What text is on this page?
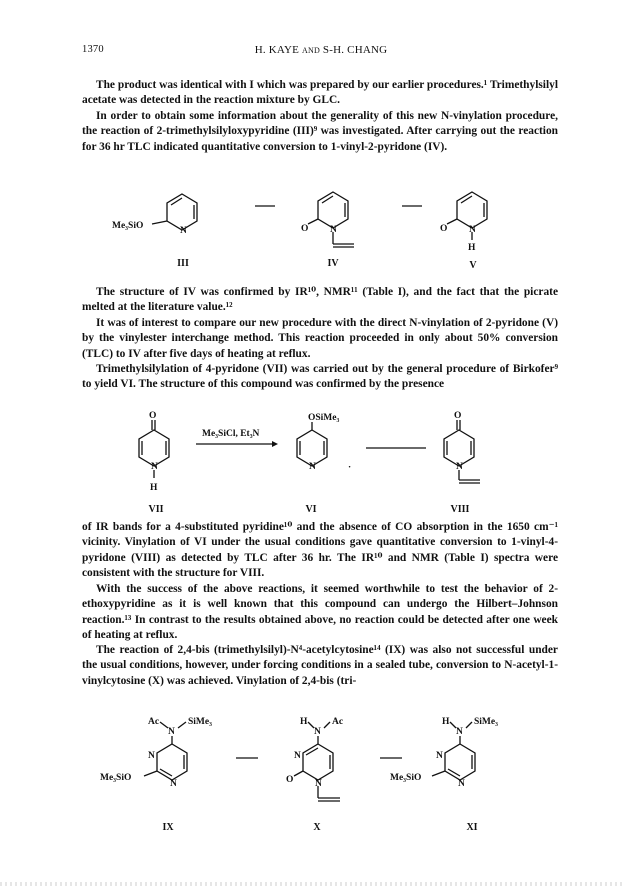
1370	H. KAYE and S-H. CHANG

The product was identical with I which was prepared by our earlier procedures.¹ Trimethylsilyl acetate was detected in the reaction mixture by GLC.

In order to obtain some information about the generality of this new N-vinylation procedure, the reaction of 2-trimethylsilyloxypyridine (III)⁹ was investigated. After carrying out the reaction for 36 hr TLC indicated quantitative conversion to 1-vinyl-2-pyridone (IV).

Me₃SiO	N	O N	O N
H
III	IV	V

The structure of IV was confirmed by IR¹⁰, NMR¹¹ (Table I), and the fact that the picrate melted at the literature value.¹²

It was of interest to compare our new procedure with the direct N-vinylation of 2-pyridone (V) by the vinylester interchange method. This reaction proceeded in only about 50% conversion (TLC) to IV after five days of heating at reflux.

Trimethylsilylation of 4-pyridone (VII) was carried out by the general procedure of Birkofer⁹ to yield VI. The structure of this compound was confirmed by the presence

O
N
H
Me₃SiCl, Et₃N
OSiMe₃
N	·
O
N
VII	VI	VIII

of IR bands for a 4-substituted pyridine¹⁰ and the absence of CO absorption in the 1650 cm⁻¹ vicinity. Vinylation of VI under the usual conditions gave quantitative conversion to 1-vinyl-4-pyridone (VIII) as detected by TLC after 36 hr. The IR¹⁰ and NMR (Table I) spectra were consistent with the structure for VIII.

With the success of the above reactions, it seemed worthwhile to test the behavior of 2-ethoxypyridine as it is well known that this compound can undergo the Hilbert–Johnson reaction.¹³ In contrast to the results obtained above, no reaction could be detected after one week of heating at reflux.

The reaction of 2,4-bis (trimethylsilyl)-N⁴-acetylcytosine¹⁴ (IX) was also not successful under the usual conditions, however, under forcing conditions in a sealed tube, conversion to N-acetyl-1-vinylcytosine (X) was achieved. Vinylation of 2,4-bis (tri-

Ac
N
SiMe₃
N
N
Me₃SiO
H
N
Ac
N
O N
H
N
SiMe₃
N
N
Me₃SiO
IX	X	XI
